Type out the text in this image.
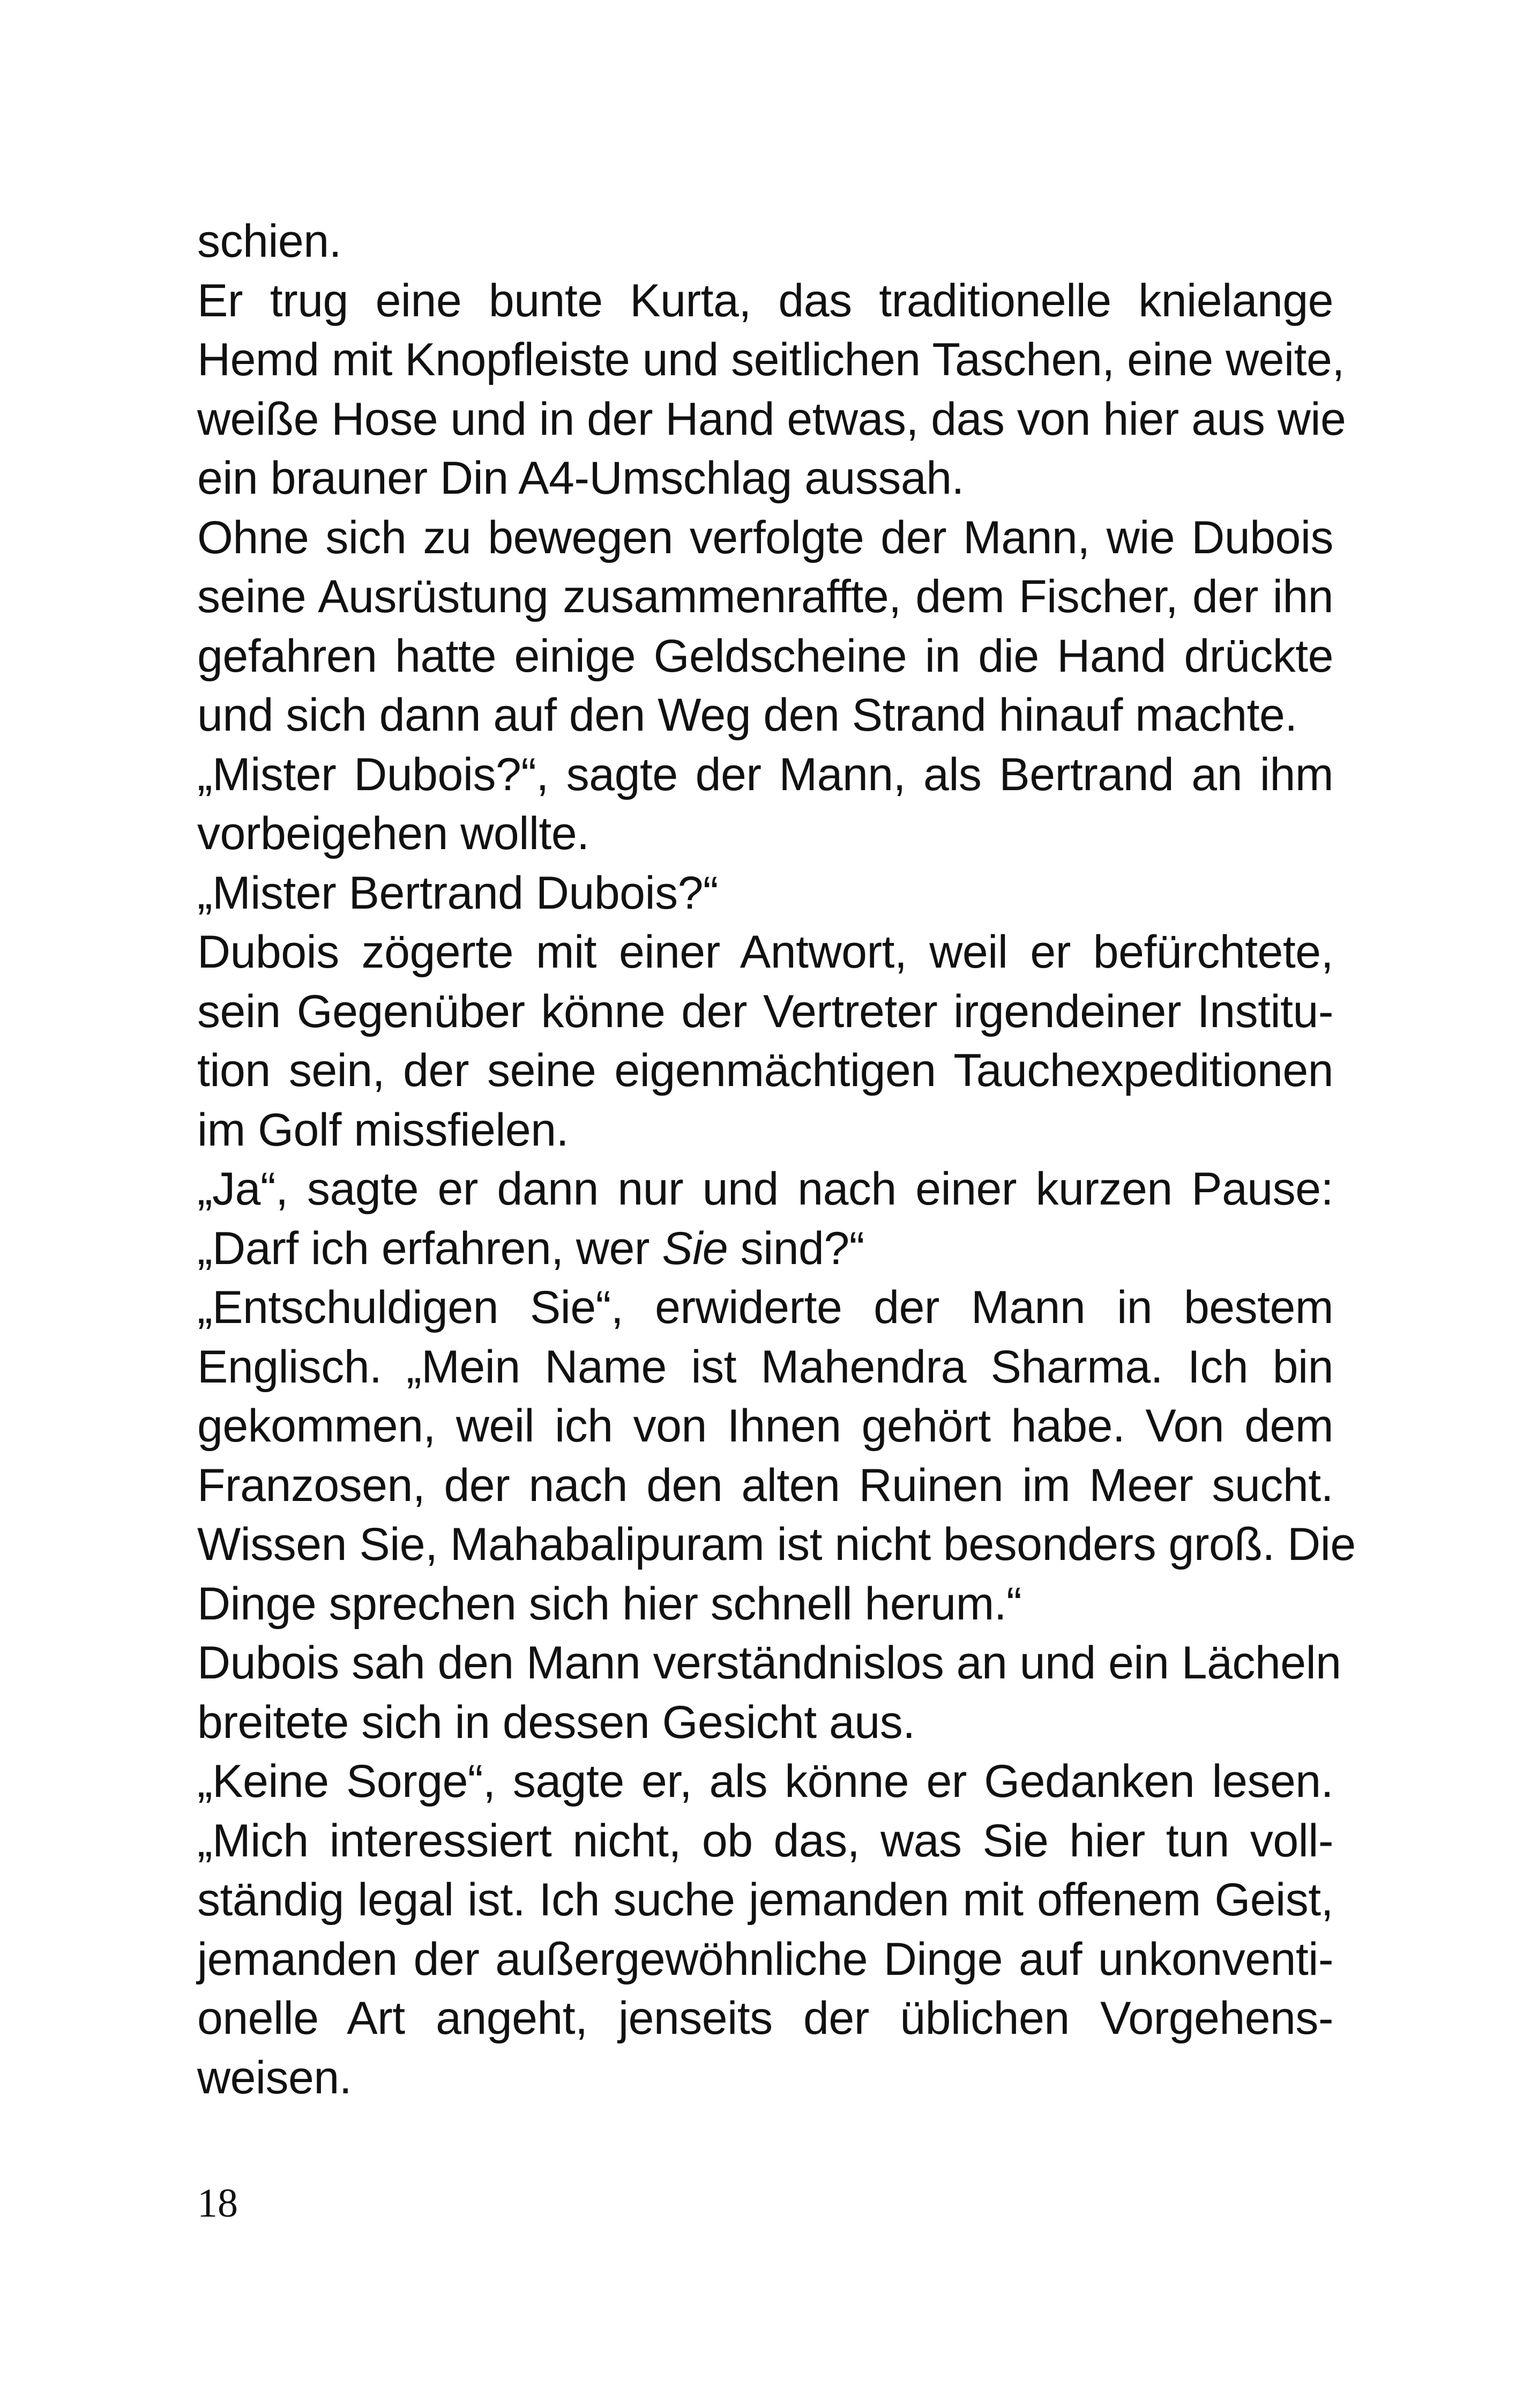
schien.
Er trug eine bunte Kurta, das traditionelle knielange
Hemd mit Knopfleiste und seitlichen Taschen, eine weite,
weiße Hose und in der Hand etwas, das von hier aus wie
ein brauner Din A4-Umschlag aussah.
Ohne sich zu bewegen verfolgte der Mann, wie Dubois
seine Ausrüstung zusammenraffte, dem Fischer, der ihn
gefahren hatte einige Geldscheine in die Hand drückte
und sich dann auf den Weg den Strand hinauf machte.
„Mister Dubois?“, sagte der Mann, als Bertrand an ihm
vorbeigehen wollte.
„Mister Bertrand Dubois?“
Dubois zögerte mit einer Antwort, weil er befürchtete,
sein Gegenüber könne der Vertreter irgendeiner Institu-
tion sein, der seine eigenmächtigen Tauchexpeditionen
im Golf missfielen.
„Ja“, sagte er dann nur und nach einer kurzen Pause:
„Darf ich erfahren, wer Sie sind?“
„Entschuldigen Sie“, erwiderte der Mann in bestem
Englisch. „Mein Name ist Mahendra Sharma. Ich bin
gekommen, weil ich von Ihnen gehört habe. Von dem
Franzosen, der nach den alten Ruinen im Meer sucht.
Wissen Sie, Mahabalipuram ist nicht besonders groß. Die
Dinge sprechen sich hier schnell herum.“
Dubois sah den Mann verständnislos an und ein Lächeln
breitete sich in dessen Gesicht aus.
„Keine Sorge“, sagte er, als könne er Gedanken lesen.
„Mich interessiert nicht, ob das, was Sie hier tun voll-
ständig legal ist. Ich suche jemanden mit offenem Geist,
jemanden der außergewöhnliche Dinge auf unkonventi-
onelle Art angeht, jenseits der üblichen Vorgehens-
weisen.
18
